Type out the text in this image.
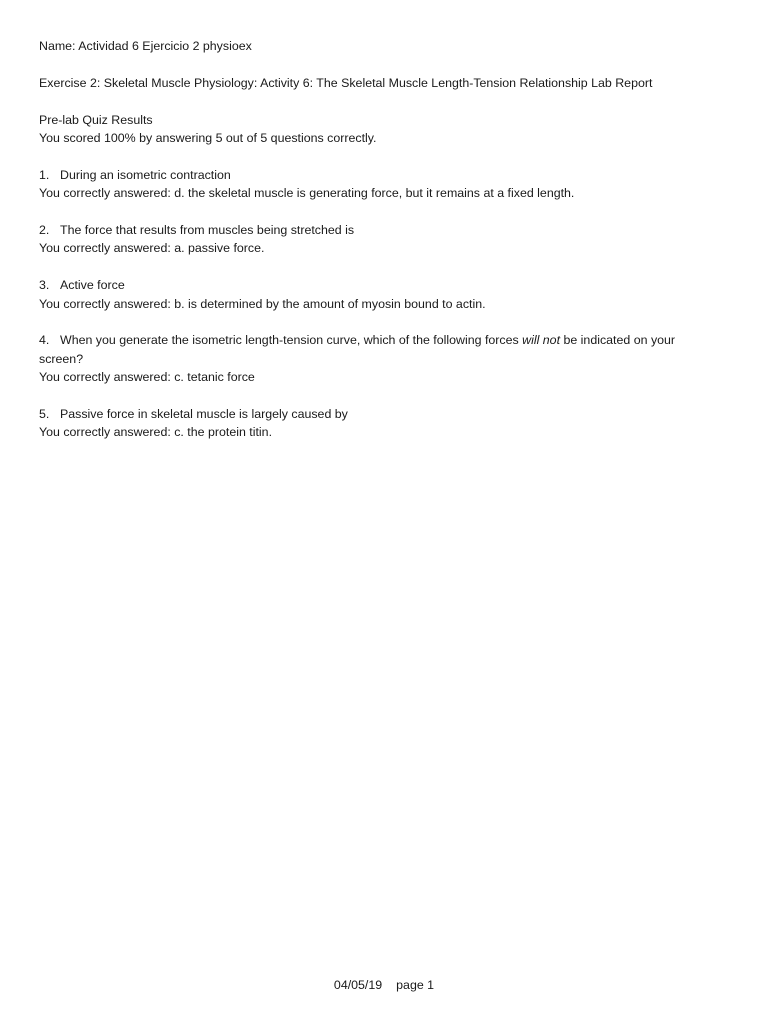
Name: Actividad 6 Ejercicio 2 physioex

Exercise 2: Skeletal Muscle Physiology: Activity 6: The Skeletal Muscle Length-Tension Relationship Lab Report

Pre-lab Quiz Results

You scored 100% by answering 5 out of 5 questions correctly.

1. During an isometric contraction

You correctly answered: d. the skeletal muscle is generating force, but it remains at a fixed length.

2. The force that results from muscles being stretched is

You correctly answered: a. passive force.

3. Active force

You correctly answered: b. is determined by the amount of myosin bound to actin.

4. When you generate the isometric length-tension curve, which of the following forces will not be indicated on your screen?

You correctly answered: c. tetanic force

5. Passive force in skeletal muscle is largely caused by

You correctly answered: c. the protein titin.

04/05/19 page 1
